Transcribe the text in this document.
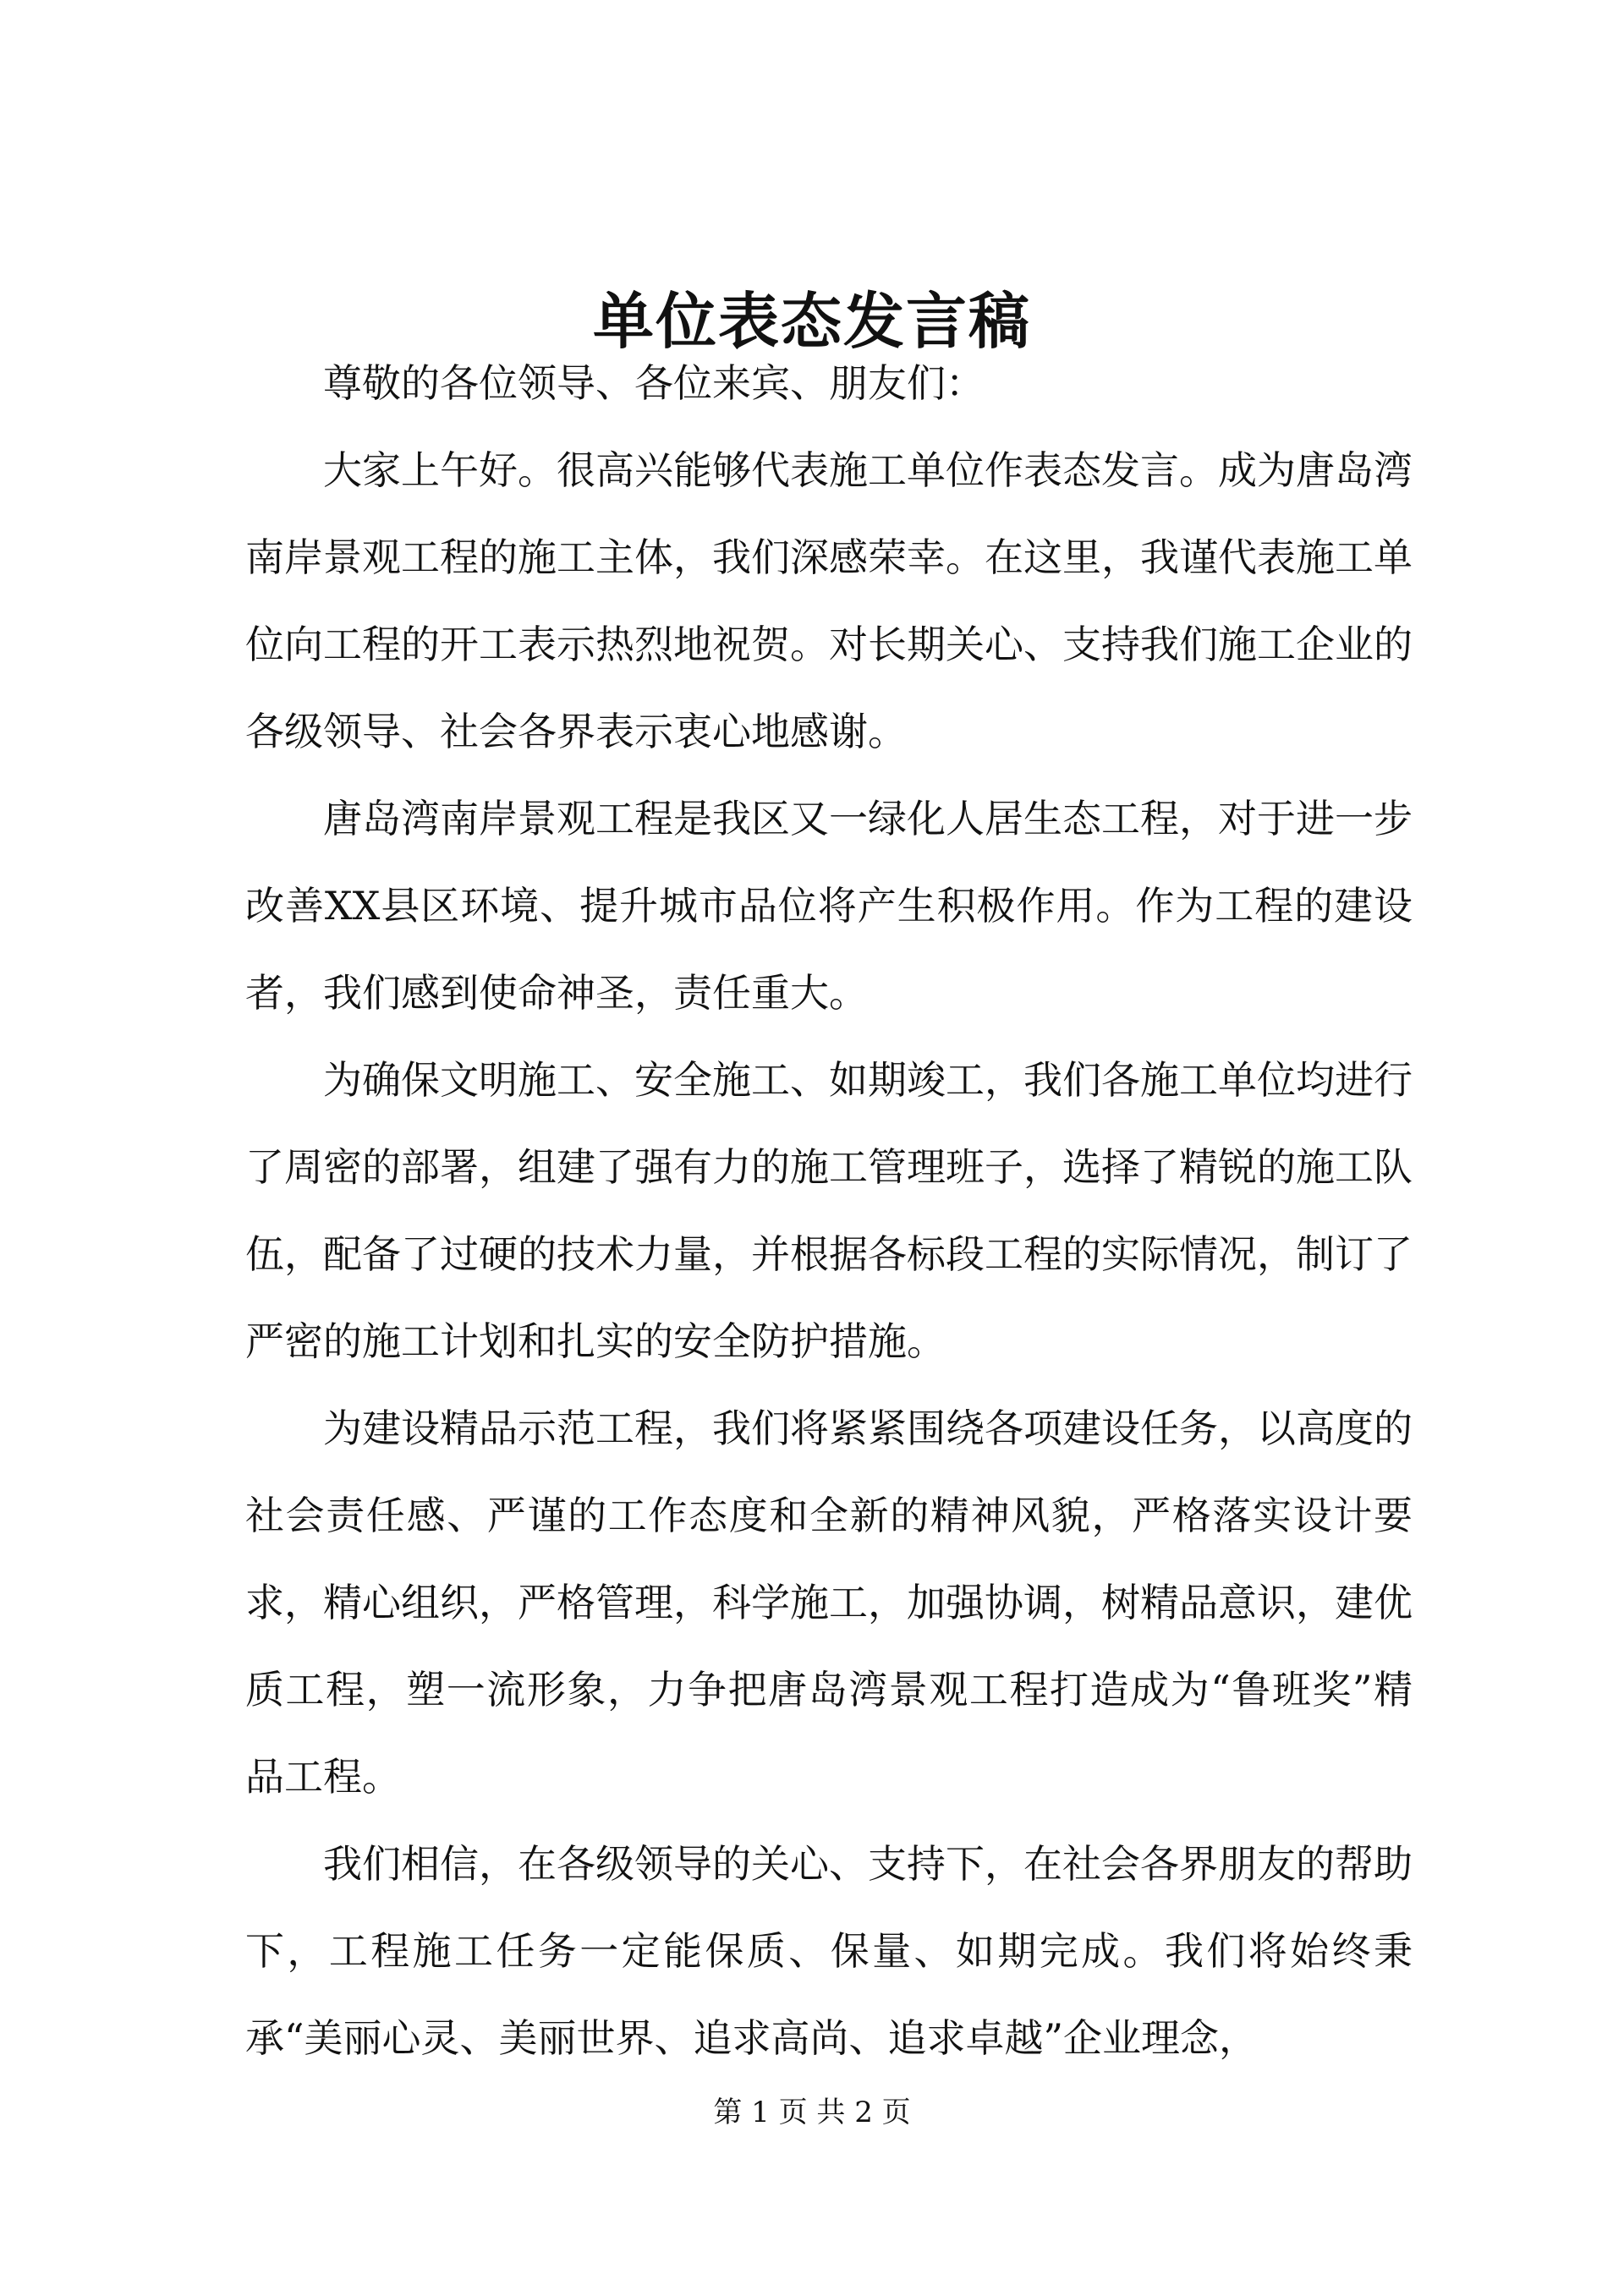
单位表态发言稿

尊敬的各位领导、各位来宾、朋友们：

大家上午好。很高兴能够代表施工单位作表态发言。成为唐岛湾南岸景观工程的施工主体，我们深感荣幸。在这里，我谨代表施工单位向工程的开工表示热烈地祝贺。对长期关心、支持我们施工企业的各级领导、社会各界表示衷心地感谢。

唐岛湾南岸景观工程是我区又一绿化人居生态工程，对于进一步改善XX县区环境、提升城市品位将产生积极作用。作为工程的建设者，我们感到使命神圣，责任重大。

为确保文明施工、安全施工、如期竣工，我们各施工单位均进行了周密的部署，组建了强有力的施工管理班子，选择了精锐的施工队伍，配备了过硬的技术力量，并根据各标段工程的实际情况，制订了严密的施工计划和扎实的安全防护措施。

为建设精品示范工程，我们将紧紧围绕各项建设任务，以高度的社会责任感、严谨的工作态度和全新的精神风貌，严格落实设计要求，精心组织，严格管理，科学施工，加强协调，树精品意识，建优质工程，塑一流形象，力争把唐岛湾景观工程打造成为“鲁班奖”精品工程。

我们相信，在各级领导的关心、支持下，在社会各界朋友的帮助下，工程施工任务一定能保质、保量、如期完成。我们将始终秉承“美丽心灵、美丽世界、追求高尚、追求卓越”企业理念，

第 1 页 共 2 页
